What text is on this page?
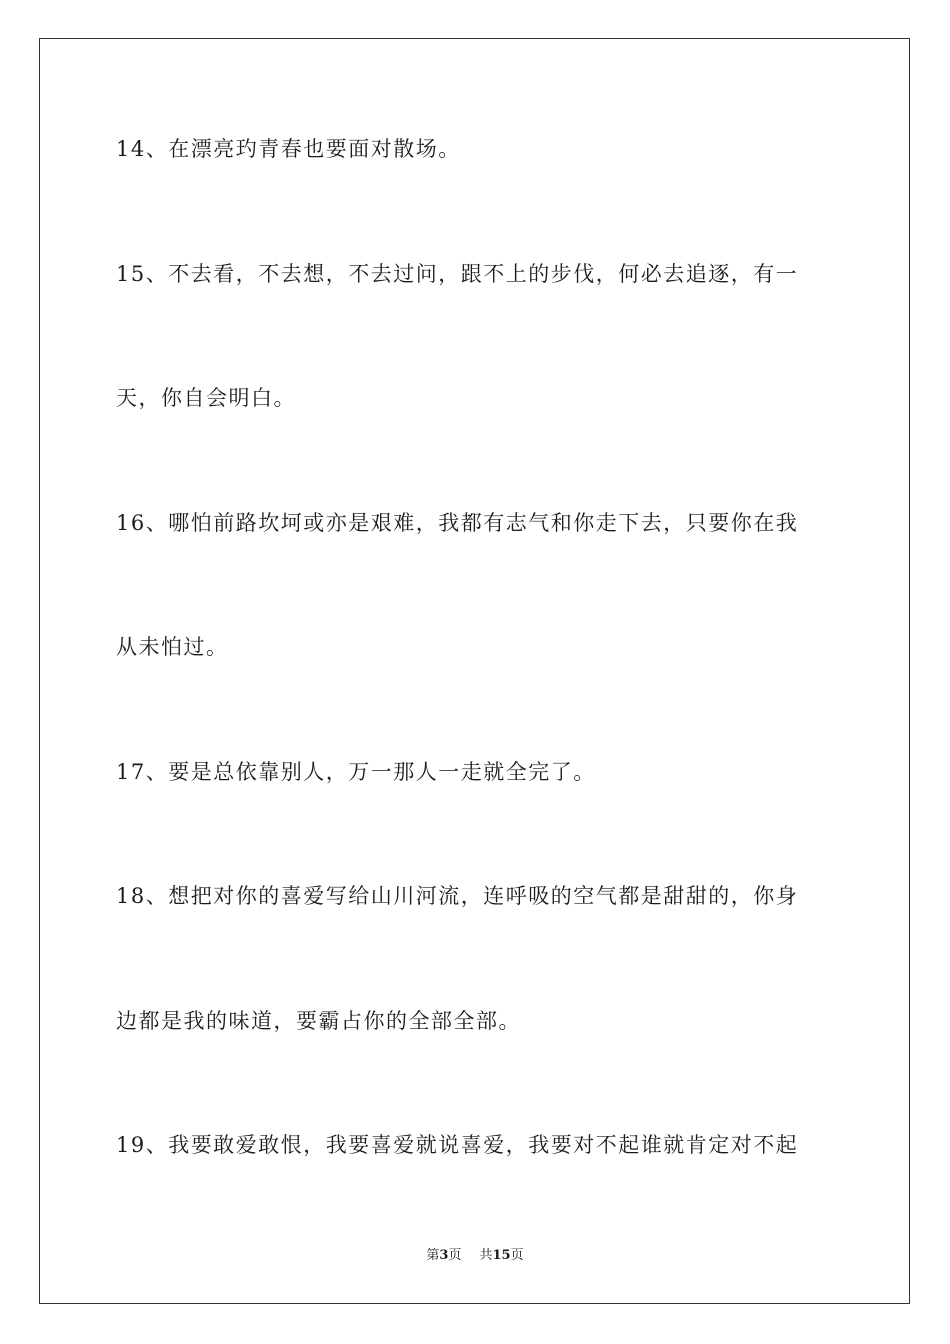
14、在漂亮玓青春也要面对散场。
15、不去看，不去想，不去过问，跟不上的步伐，何必去追逐，有一
天，你自会明白。
16、哪怕前路坎坷或亦是艰难，我都有志气和你走下去，只要你在我
从未怕过。
17、要是总依靠别人，万一那人一走就全完了。
18、想把对你的喜爱写给山川河流，连呼吸的空气都是甜甜的，你身
边都是我的味道，要霸占你的全部全部。
19、我要敢爱敢恨，我要喜爱就说喜爱，我要对不起谁就肯定对不起
第3页 共15页
